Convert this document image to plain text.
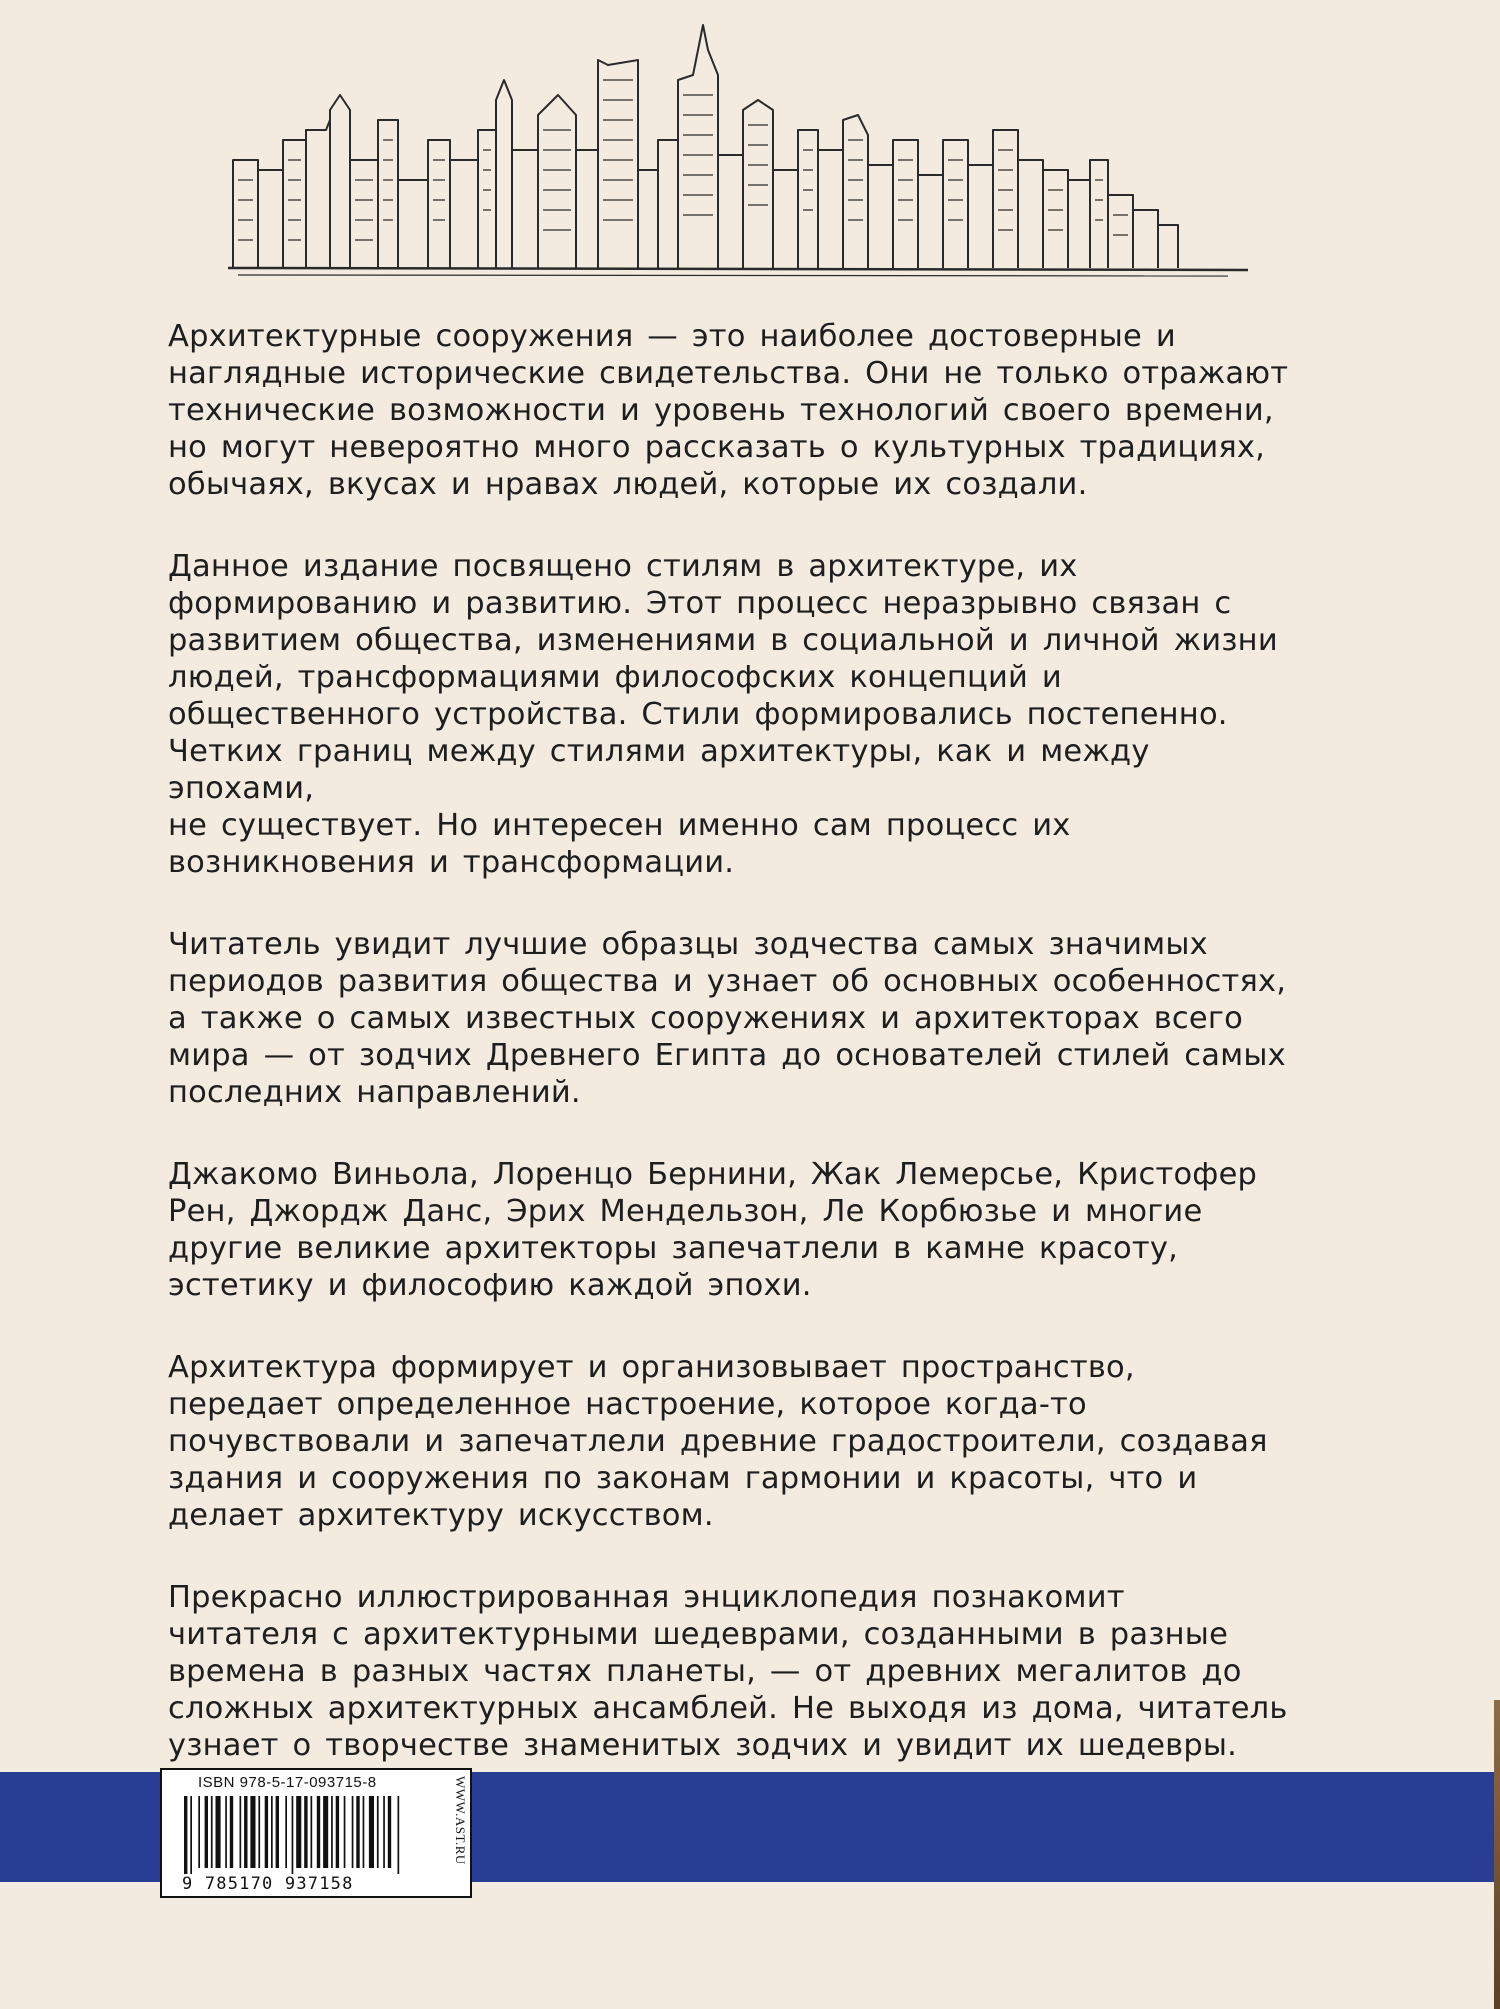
Архитектурные сооружения — это наиболее достоверные и
наглядные исторические свидетельства. Они не только отражают
технические возможности и уровень технологий своего времени,
но могут невероятно много рассказать о культурных традициях,
обычаях, вкусах и нравах людей, которые их создали.

Данное издание посвящено стилям в архитектуре, их
формированию и развитию. Этот процесс неразрывно связан с
развитием общества, изменениями в социальной и личной жизни
людей, трансформациями философских концепций и
общественного устройства. Стили формировались постепенно.
Четких границ между стилями архитектуры, как и между эпохами,
не существует. Но интересен именно сам процесс их
возникновения и трансформации.

Читатель увидит лучшие образцы зодчества самых значимых
периодов развития общества и узнает об основных особенностях,
а также о самых известных сооружениях и архитекторах всего
мира — от зодчих Древнего Египта до основателей стилей самых
последних направлений.

Джакомо Виньола, Лоренцо Бернини, Жак Лемерсье, Кристофер
Рен, Джордж Данс, Эрих Мендельзон, Ле Корбюзье и многие
другие великие архитекторы запечатлели в камне красоту,
эстетику и философию каждой эпохи.

Архитектура формирует и организовывает пространство,
передает определенное настроение, которое когда-то
почувствовали и запечатлели древние градостроители, создавая
здания и сооружения по законам гармонии и красоты, что и
делает архитектуру искусством.

Прекрасно иллюстрированная энциклопедия познакомит
читателя с архитектурными шедеврами, созданными в разные
времена в разных частях планеты, — от древних мегалитов до
сложных архитектурных ансамблей. Не выходя из дома, читатель
узнает о творчестве знаменитых зодчих и увидит их шедевры.

ISBN 978-5-17-093715-8
9 785170 937158
WWW.AST.RU
